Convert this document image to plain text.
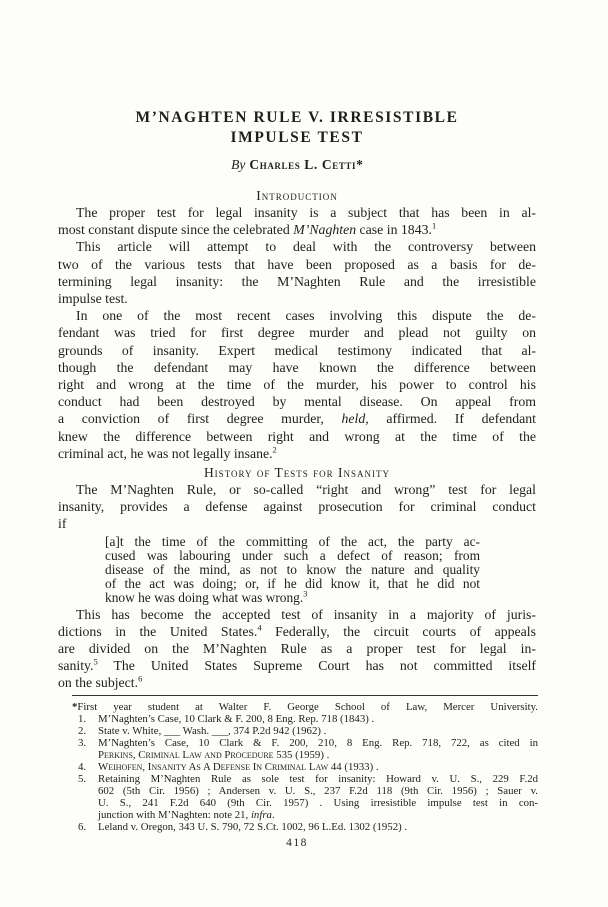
M’NAGHTEN RULE V. IRRESISTIBLE
IMPULSE TEST
By Charles L. Cetti*
Introduction
The proper test for legal insanity is a subject that has been in al-
most constant dispute since the celebrated M’Naghten case in 1843.$^1$
This article will attempt to deal with the controversy between
two of the various tests that have been proposed as a basis for de-
termining legal insanity: the M’Naghten Rule and the irresistible
impulse test.
In one of the most recent cases involving this dispute the de-
fendant was tried for first degree murder and plead not guilty on
grounds of insanity. Expert medical testimony indicated that al-
though the defendant may have known the difference between
right and wrong at the time of the murder, his power to control his
conduct had been destroyed by mental disease. On appeal from
a conviction of first degree murder, held, affirmed. If defendant
knew the difference between right and wrong at the time of the
criminal act, he was not legally insane.$^2$
History of Tests for Insanity
The M’Naghten Rule, or so-called “right and wrong” test for legal
insanity, provides a defense against prosecution for criminal conduct
if
[a]t the time of the committing of the act, the party ac-
cused was labouring under such a defect of reason; from
disease of the mind, as not to know the nature and quality
of the act was doing; or, if he did know it, that he did not
know he was doing what was wrong.$^3$
This has become the accepted test of insanity in a majority of juris-
dictions in the United States.$^4$ Federally, the circuit courts of appeals
are divided on the M’Naghten Rule as a proper test for legal in-
sanity.$^5$ The United States Supreme Court has not committed itself
on the subject.$^6$
* First year student at Walter F. George School of Law, Mercer University.
1.	M’Naghten’s Case, 10 Clark & F. 200, 8 Eng. Rep. 718 (1843) .
2.	State v. White, ___ Wash. ___, 374 P.2d 942 (1962) .
3.	M’Naghten’s Case, 10 Clark & F. 200, 210, 8 Eng. Rep. 718, 722, as cited in
Perkins, Criminal Law and Procedure 535 (1959) .
4.	Weihofen, Insanity As A Defense In Criminal Law 44 (1933) .
5.	Retaining M’Naghten Rule as sole test for insanity: Howard v. U. S., 229 F.2d
602 (5th Cir. 1956) ; Andersen v. U. S., 237 F.2d 118 (9th Cir. 1956) ; Sauer v.
U. S., 241 F.2d 640 (9th Cir. 1957) . Using irresistible impulse test in con-
junction with M’Naghten: note 21, infra.
6.	Leland v. Oregon, 343 U. S. 790, 72 S.Ct. 1002, 96 L.Ed. 1302 (1952) .
418
